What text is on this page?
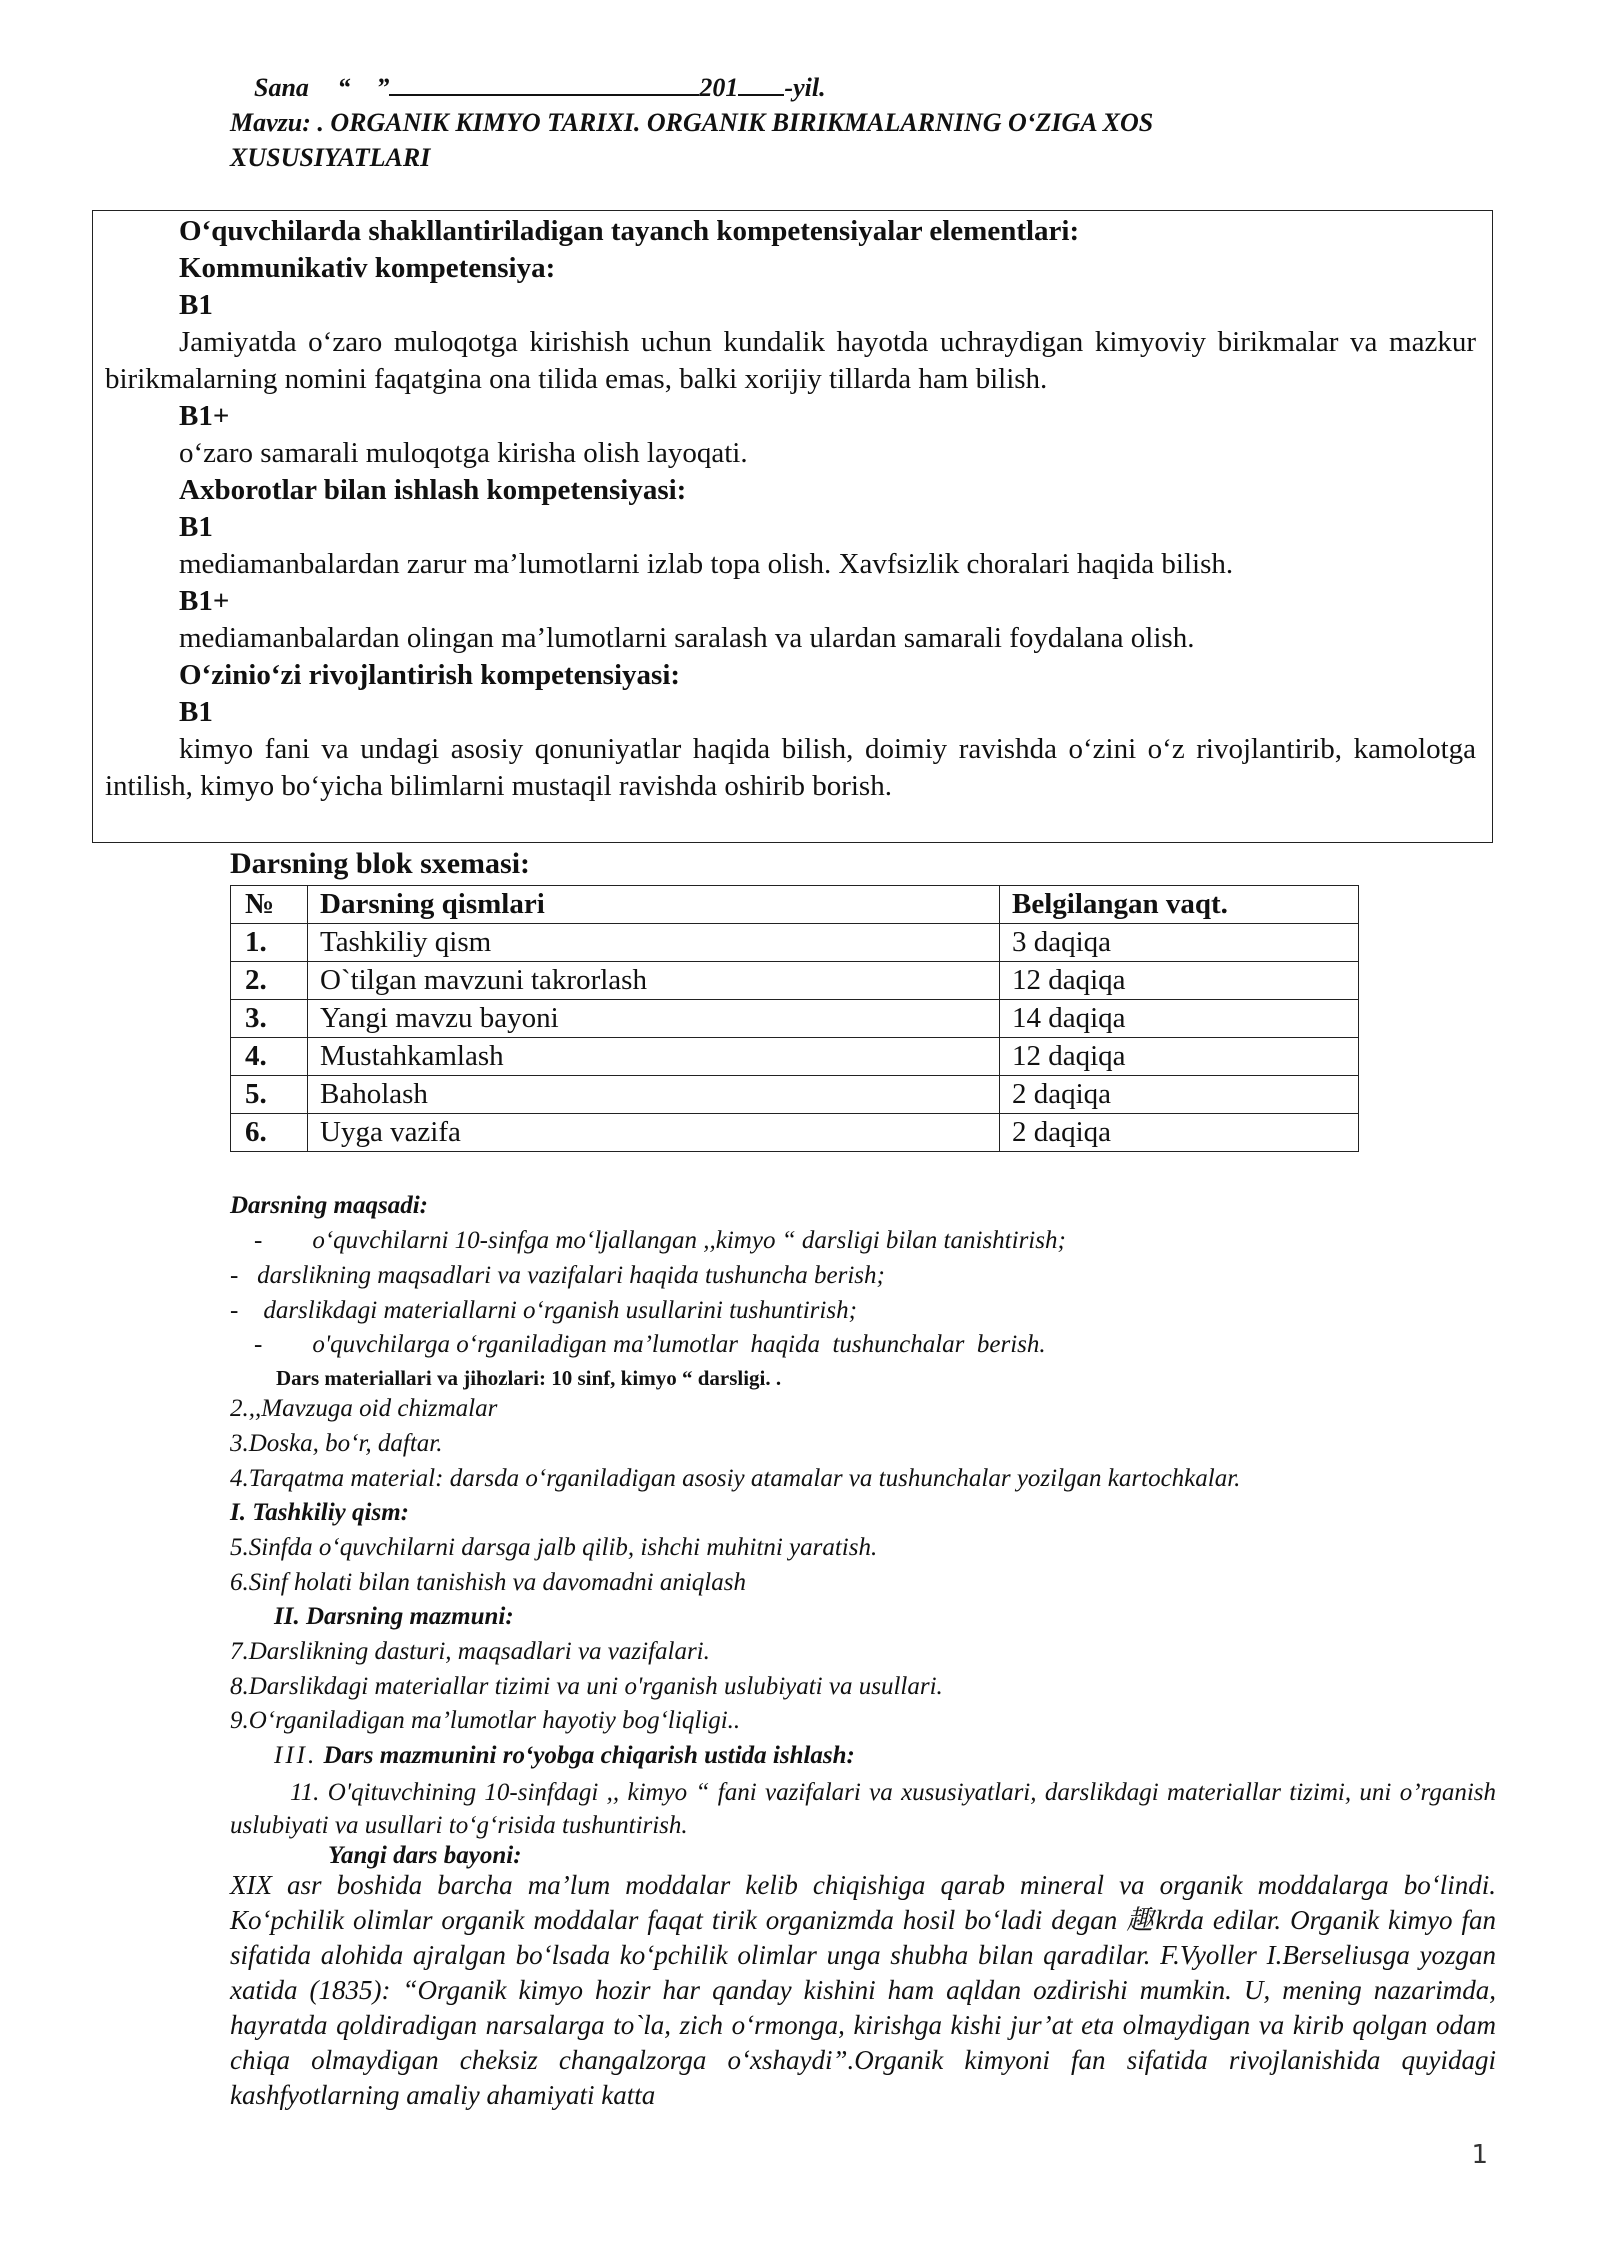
Sana “    ”	201 -yil.
Mavzu: . ORGANIK KIMYO TARIXI. ORGANIK BIRIKMALARNING O‘ZIGA XOS
XUSUSIYATLARI

O‘quvchilarda shakllantiriladigan tayanch kompetensiyalar elementlari:

Kommunikativ kompetensiya:

B1

Jamiyatda o‘zaro muloqotga kirishish uchun kundalik hayotda uchraydigan kimyoviy birikmalar va mazkur birikmalarning nomini faqatgina ona tilida emas, balki xorijiy tillarda ham bilish.

B1+

o‘zaro samarali muloqotga kirisha olish layoqati.

Axborotlar bilan ishlash kompetensiyasi:

B1

mediamanbalardan zarur ma’lumotlarni izlab topa olish. Xavfsizlik choralari haqida bilish.

B1+

mediamanbalardan olingan ma’lumotlarni saralash va ulardan samarali foydalana olish.

O‘zinio‘zi rivojlantirish kompetensiyasi:

B1

kimyo fani va undagi asosiy qonuniyatlar haqida bilish, doimiy ravishda o‘zini o‘z rivojlantirib, kamolotga intilish, kimyo bo‘yicha bilimlarni mustaqil ravishda oshirib borish.

Darsning blok sxemasi:
№	Darsning qismlari	Belgilangan vaqt.
1.	Tashkiliy qism	3 daqiqa
2.	O`tilgan mavzuni takrorlash	12 daqiqa
3.	Yangi mavzu bayoni	14 daqiqa
4.	Mustahkamlash	12 daqiqa
5.	Baholash	2 daqiqa
6.	Uyga vazifa	2 daqiqa
Darsning maqsadi:
-        o‘quvchilarni 10-sinfga mo‘ljallangan ,,kimyo “ darsligi bilan tanishtirish;
-   darslikning maqsadlari va vazifalari haqida tushuncha berish;
-    darslikdagi materiallarni o‘rganish usullarini tushuntirish;
-        o'quvchilarga o‘rganiladigan ma’lumotlar  haqida  tushunchalar  berish.
Dars materiallari va jihozlari: 10 sinf, kimyo “ darsligi. .
2.,,Mavzuga oid chizmalar
3.Doska, bo‘r, daftar.
4.Tarqatma material: darsda o‘rganiladigan asosiy atamalar va tushunchalar yozilgan kartochkalar.
I. Tashkiliy qism:
5.Sinfda o‘quvchilarni darsga jalb qilib, ishchi muhitni yaratish.
6.Sinf holati bilan tanishish va davomadni aniqlash
II. Darsning mazmuni:
7.Darslikning dasturi, maqsadlari va vazifalari.
8.Darslikdagi materiallar tizimi va uni o'rganish uslubiyati va usullari.
9.O‘rganiladigan ma’lumotlar hayotiy bog‘liqligi..
III. Dars mazmunini ro‘yobga chiqarish ustida ishlash:
11. O'qituvchining 10-sinfdagi ,, kimyo “ fani vazifalari va xususiyatlari, darslikdagi materiallar tizimi, uni o’rganish uslubiyati va usullari to‘g‘risida tushuntirish.
Yangi dars bayoni:
XIX asr boshida barcha ma’lum moddalar kelib chiqishiga qarab mineral va organik moddalarga bo‘lindi. Ko‘pchilik olimlar organik moddalar faqat tirik organizmda hosil bo‘ladi degan 趣krda edilar. Organik kimyo fan sifatida alohida ajralgan bo‘lsada ko‘pchilik olimlar unga shubha bilan qaradilar. F.Vyoller I.Berseliusga yozgan xatida (1835): “Organik kimyo hozir har qanday kishini ham aqldan ozdirishi mumkin. U, mening nazarimda, hayratda qoldiradigan narsalarga to`la, zich o‘rmonga, kirishga kishi jur’at eta olmaydigan va kirib qolgan odam chiqa olmaydigan cheksiz changalzorga o‘xshaydi”.Organik kimyoni fan sifatida rivojlanishida quyidagi kashfyotlarning amaliy ahamiyati katta
1
